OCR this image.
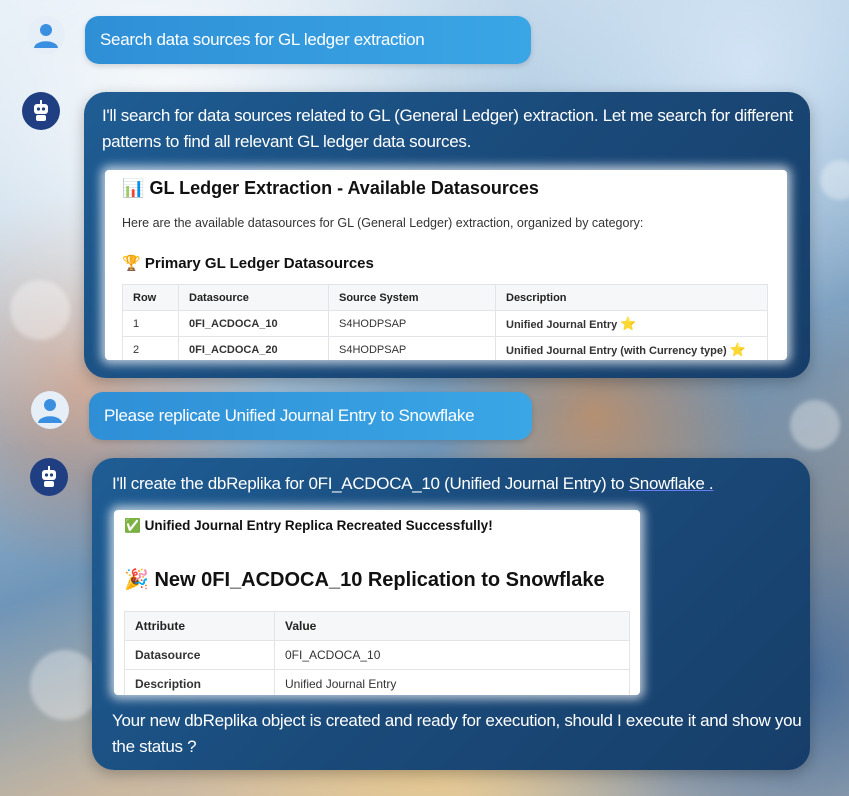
Search data sources for GL ledger extraction
I'll search for data sources related to GL (General Ledger) extraction. Let me search for different patterns to find all relevant GL ledger data sources.
📊 GL Ledger Extraction - Available Datasources
Here are the available datasources for GL (General Ledger) extraction, organized by category:
🏆 Primary GL Ledger Datasources
Row	Datasource	Source System	Description
1	0FI_ACDOCA_10	S4HODPSAP	Unified Journal Entry ⭐
2	0FI_ACDOCA_20	S4HODPSAP	Unified Journal Entry (with Currency type) ⭐
Please replicate Unified Journal Entry to Snowflake
I'll create the dbReplika for 0FI_ACDOCA_10 (Unified Journal Entry) to Snowflake .
✅ Unified Journal Entry Replica Recreated Successfully!
🎉 New 0FI_ACDOCA_10 Replication to Snowflake
Attribute	Value
Datasource	0FI_ACDOCA_10
Description	Unified Journal Entry
Your new dbReplika object is created and ready for execution, should I execute it and show you the status ?
